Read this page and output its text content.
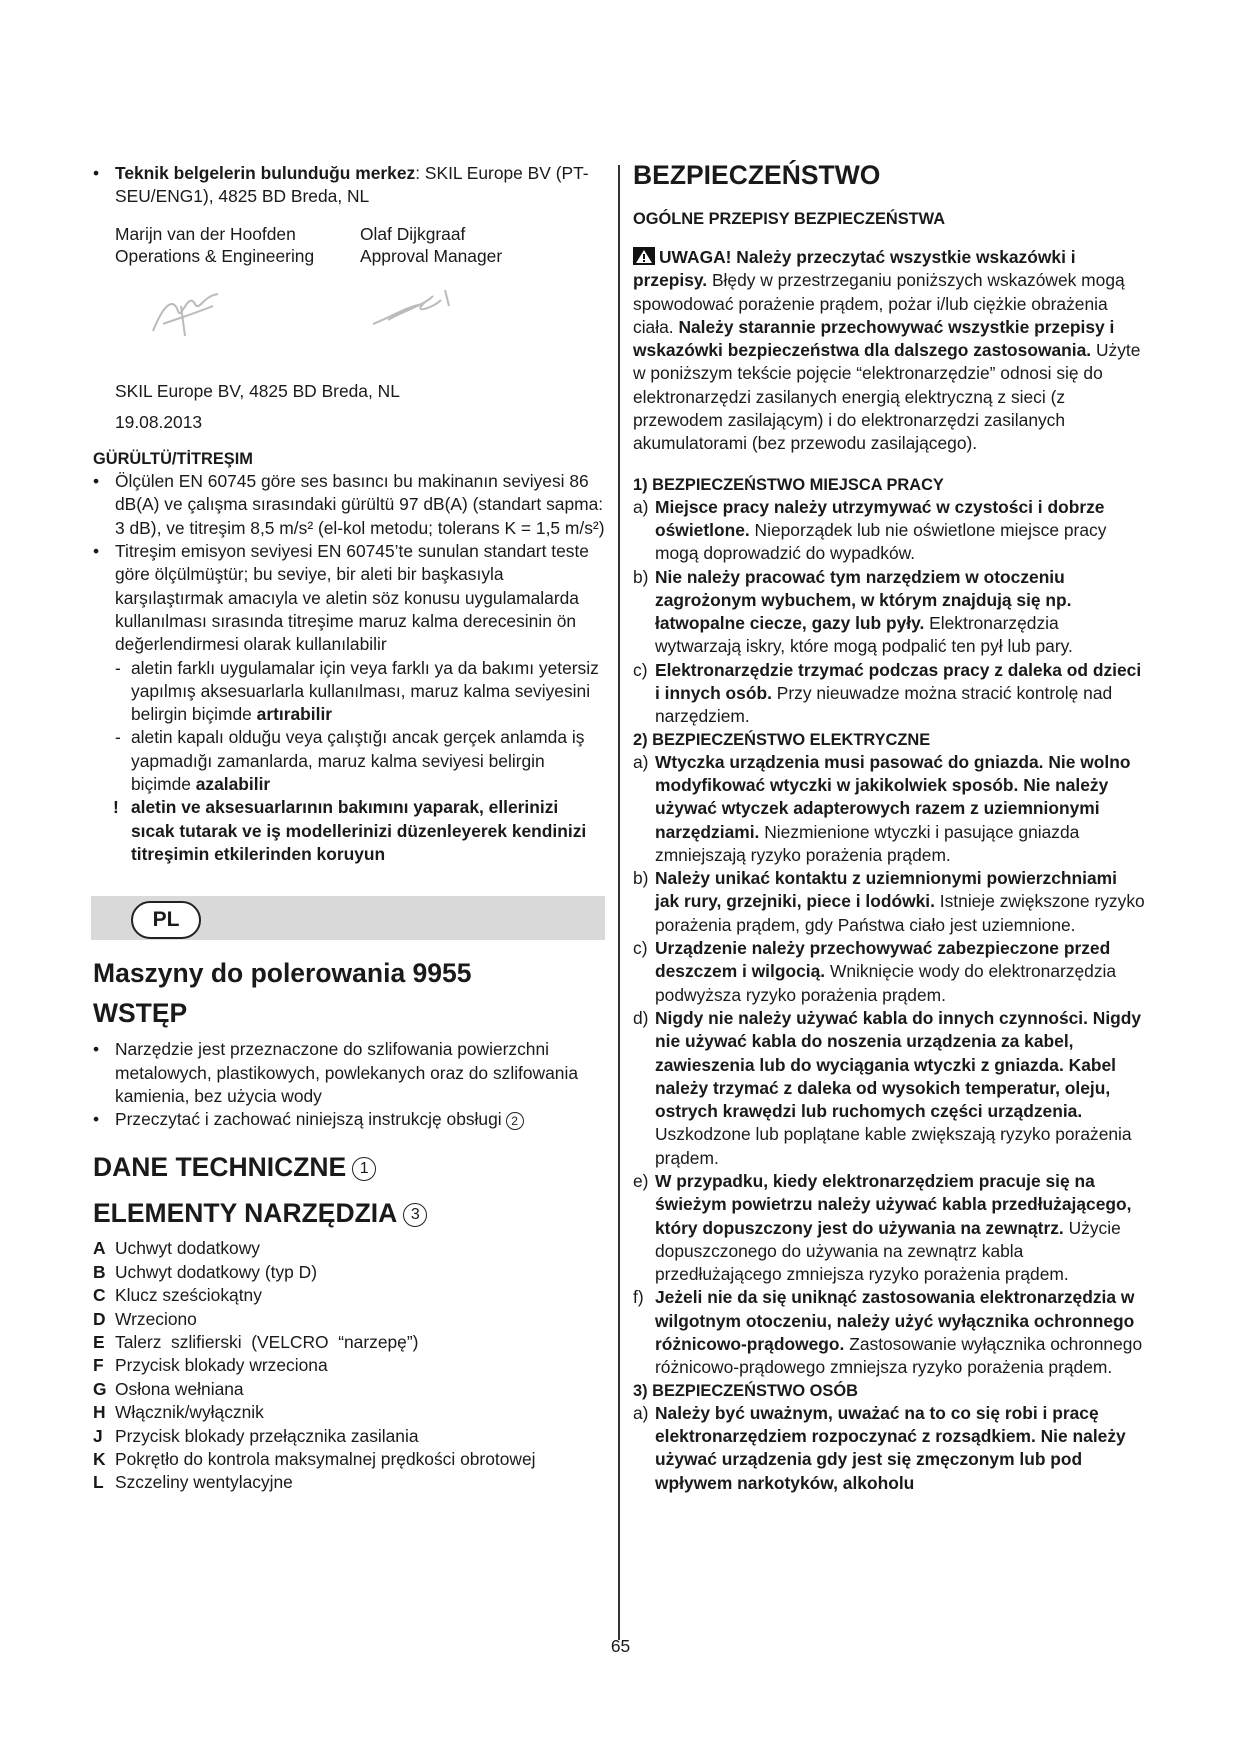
• Teknik belgelerin bulunduğu merkez: SKIL Europe BV (PT-SEU/ENG1), 4825 BD Breda, NL

Marijn van der Hoofden

Operations & Engineering

Olaf Dijkgraaf

Approval Manager

SKIL Europe BV, 4825 BD Breda, NL

19.08.2013

GÜRÜLTÜ/TİTREŞIM

• Ölçülen EN 60745 göre ses basıncı bu makinanın seviyesi 86 dB(A) ve çalışma sırasındaki gürültü 97 dB(A) (standart sapma: 3 dB), ve titreşim 8,5 m/s² (el-kol metodu; tolerans K = 1,5 m/s²)

• Titreşim emisyon seviyesi EN 60745’te sunulan standart teste göre ölçülmüştür; bu seviye, bir aleti bir başkasıyla karşılaştırmak amacıyla ve aletin söz konusu uygulamalarda kullanılması sırasında titreşime maruz kalma derecesinin ön değerlendirmesi olarak kullanılabilir

- aletin farklı uygulamalar için veya farklı ya da bakımı yetersiz yapılmış aksesuarlarla kullanılması, maruz kalma seviyesini belirgin biçimde artırabilir

- aletin kapalı olduğu veya çalıştığı ancak gerçek anlamda iş yapmadığı zamanlarda, maruz kalma seviyesi belirgin biçimde azalabilir

! aletin ve aksesuarlarının bakımını yaparak, ellerinizi sıcak tutarak ve iş modellerinizi düzenleyerek kendinizi titreşimin etkilerinden koruyun

PL

Maszyny do polerowania 9955

WSTĘP

• Narzędzie jest przeznaczone do szlifowania powierzchni metalowych, plastikowych, powlekanych oraz do szlifowania kamienia, bez użycia wody

• Przeczytać i zachować niniejszą instrukcję obsługi 2

DANE TECHNICZNE 1

ELEMENTY NARZĘDZIA 3

A Uchwyt dodatkowy
B Uchwyt dodatkowy (typ D)
C Klucz sześciokątny
D Wrzeciono
E Talerz  szlifierski  (VELCRO  “narzepę”)
F Przycisk blokady wrzeciona
G Osłona wełniana
H Włącznik/wyłącznik
J Przycisk blokady przełącznika zasilania
K Pokrętło do kontrola maksymalnej prędkości obrotowej
L Szczeliny wentylacyjne

BEZPIECZEŃSTWO

OGÓLNE PRZEPISY BEZPIECZEŃSTWA

UWAGA! Należy przeczytać wszystkie wskazówki i przepisy. Błędy w przestrzeganiu poniższych wskazówek mogą spowodować porażenie prądem, pożar i/lub ciężkie obrażenia ciała. Należy starannie przechowywać wszystkie przepisy i wskazówki bezpieczeństwa dla dalszego zastosowania. Użyte w poniższym tekście pojęcie “elektronarzędzie” odnosi się do elektronarzędzi zasilanych energią elektryczną z sieci (z przewodem zasilającym) i do elektronarzędzi zasilanych akumulatorami (bez przewodu zasilającego).

1) BEZPIECZEŃSTWO MIEJSCA PRACY

a) Miejsce pracy należy utrzymywać w czystości i dobrze oświetlone. Nieporządek lub nie oświetlone miejsce pracy mogą doprowadzić do wypadków.

b) Nie należy pracować tym narzędziem w otoczeniu zagrożonym wybuchem, w którym znajdują się np. łatwopalne ciecze, gazy lub pyły. Elektronarzędzia wytwarzają iskry, które mogą podpalić ten pył lub pary.

c) Elektronarzędzie trzymać podczas pracy z daleka od dzieci i innych osób. Przy nieuwadze można stracić kontrolę nad narzędziem.

2) BEZPIECZEŃSTWO ELEKTRYCZNE

a) Wtyczka urządzenia musi pasować do gniazda. Nie wolno modyfikować wtyczki w jakikolwiek sposób. Nie należy używać wtyczek adapterowych razem z uziemnionymi narzędziami. Niezmienione wtyczki i pasujące gniazda zmniejszają ryzyko porażenia prądem.

b) Należy unikać kontaktu z uziemnionymi powierzchniami jak rury, grzejniki, piece i lodówki. Istnieje zwiększone ryzyko porażenia prądem, gdy Państwa ciało jest uziemnione.

c) Urządzenie należy przechowywać zabezpieczone przed deszczem i wilgocią. Wniknięcie wody do elektronarzędzia podwyższa ryzyko porażenia prądem.

d) Nigdy nie należy używać kabla do innych czynności. Nigdy nie używać kabla do noszenia urządzenia za kabel, zawieszenia lub do wyciągania wtyczki z gniazda. Kabel należy trzymać z daleka od wysokich temperatur, oleju, ostrych krawędzi lub ruchomych części urządzenia. Uszkodzone lub poplątane kable zwiększają ryzyko porażenia prądem.

e) W przypadku, kiedy elektronarzędziem pracuje się na świeżym powietrzu należy używać kabla przedłużającego, który dopuszczony jest do używania na zewnątrz. Użycie dopuszczonego do używania na zewnątrz kabla przedłużającego zmniejsza ryzyko porażenia prądem.

f) Jeżeli nie da się uniknąć zastosowania elektronarzędzia w wilgotnym otoczeniu, należy użyć wyłącznika ochronnego różnicowo-prądowego. Zastosowanie wyłącznika ochronnego różnicowo-prądowego zmniejsza ryzyko porażenia prądem.

3) BEZPIECZEŃSTWO OSÓB

a) Należy być uważnym, uważać na to co się robi i pracę elektronarzędziem rozpoczynać z rozsądkiem. Nie należy używać urządzenia gdy jest się zmęczonym lub pod wpływem narkotyków, alkoholu

65
